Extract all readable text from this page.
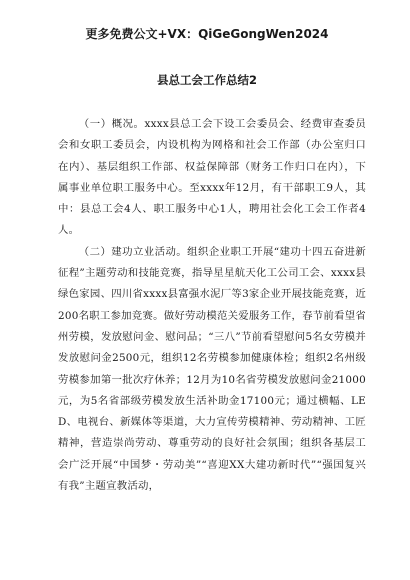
更多免费公文+VX：QiGeGongWen2024
县总工会工作总结2

（一）概况。xxxx县总工会下设工会委员会、经费审查委员会和女职工委员会，内设机构为网格和社会工作部（办公室归口在内）、基层组织工作部、权益保障部（财务工作归口在内），下属事业单位职工服务中心。至xxxx年12月，有干部职工9人，其中：县总工会4人、职工服务中心1人，聘用社会化工会工作者4人。

（二）建功立业活动。组织企业职工开展“建功十四五奋进新征程”主题劳动和技能竞赛，指导星星航天化工公司工会、xxxx县绿色家园、四川省xxxx县富强水泥厂等3家企业开展技能竞赛，近200名职工参加竞赛。做好劳动模范关爱服务工作，春节前看望省州劳模，发放慰问金、慰问品；“三八”节前看望慰问5名女劳模并发放慰问金2500元，组织12名劳模参加健康体检；组织2名州级劳模参加第一批次疗休养；12月为10名省劳模发放慰问金21000元，为5名省部级劳模发放生活补助金17100元；通过横幅、LED、电视台、新媒体等渠道，大力宣传劳模精神、劳动精神、工匠精神，营造崇尚劳动、尊重劳动的良好社会氛围；组织各基层工会广泛开展“中国梦・劳动美”“喜迎XX大建功新时代”“强国复兴有我”主题宣教活动，
